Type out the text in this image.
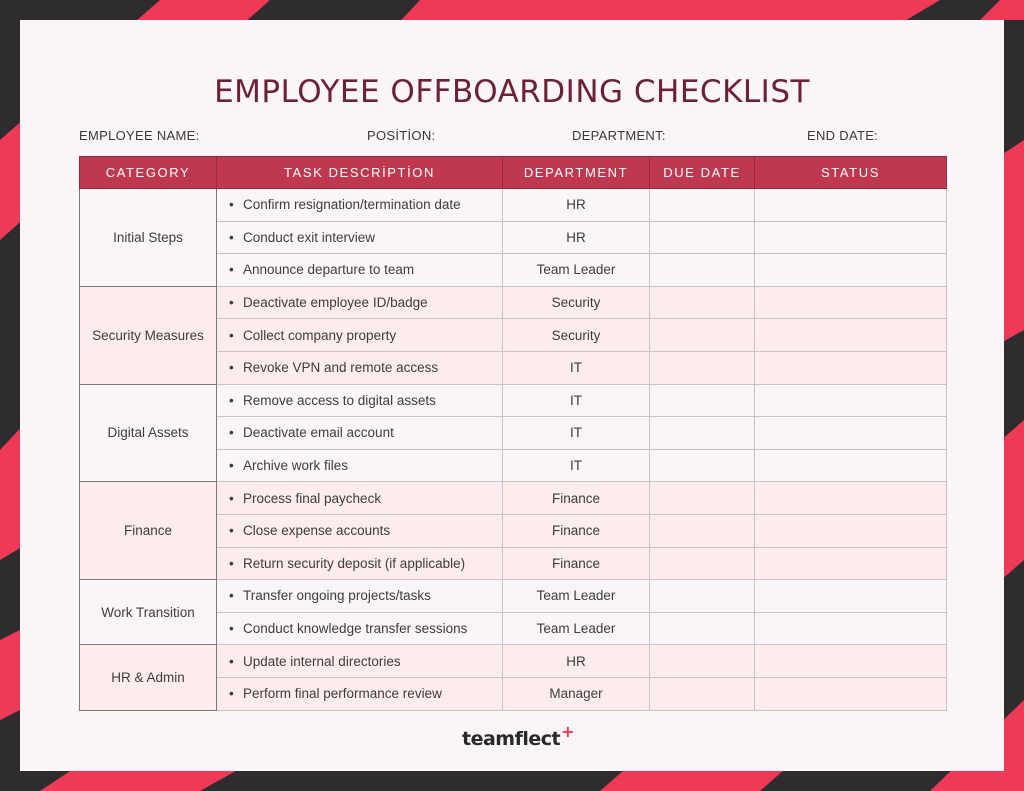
EMPLOYEE OFFBOARDING CHECKLIST
EMPLOYEE NAME:	POSİTİON:	DEPARTMENT:	END DATE:
CATEGORY	TASK DESCRİPTİON	DEPARTMENT	DUE DATE	STATUS
Initial Steps	• Confirm resignation/termination date	HR		
	• Conduct exit interview	HR		
	• Announce departure to team	Team Leader		
Security Measures	• Deactivate employee ID/badge	Security		
	• Collect company property	Security		
	• Revoke VPN and remote access	IT		
Digital Assets	• Remove access to digital assets	IT		
	• Deactivate email account	IT		
	• Archive work files	IT		
Finance	• Process final paycheck	Finance		
	• Close expense accounts	Finance		
	• Return security deposit (if applicable)	Finance		
Work Transition	• Transfer ongoing projects/tasks	Team Leader		
	• Conduct knowledge transfer sessions	Team Leader		
HR & Admin	• Update internal directories	HR		
	• Perform final performance review	Manager		
teamflect+
